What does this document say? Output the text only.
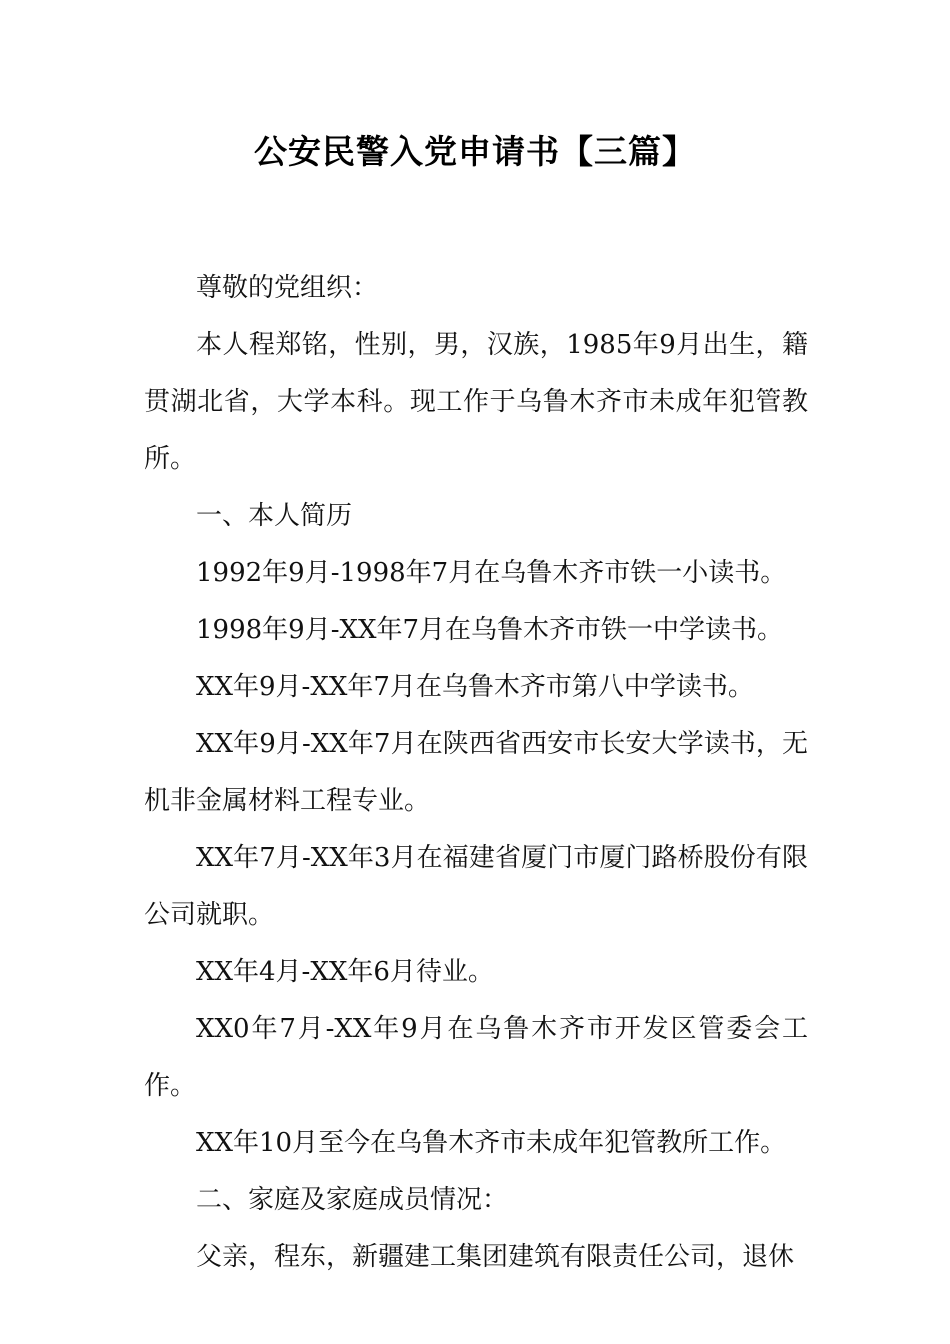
公安民警入党申请书【三篇】

尊敬的党组织：

本人程郑铭，性别，男，汉族，1985年9月出生，籍贯湖北省，大学本科。现工作于乌鲁木齐市未成年犯管教所。

一、本人简历

1992年9月-1998年7月在乌鲁木齐市铁一小读书。

1998年9月-XX年7月在乌鲁木齐市铁一中学读书。

XX年9月-XX年7月在乌鲁木齐市第八中学读书。

XX年9月-XX年7月在陕西省西安市长安大学读书，无机非金属材料工程专业。

XX年7月-XX年3月在福建省厦门市厦门路桥股份有限公司就职。

XX年4月-XX年6月待业。

XX0年7月-XX年9月在乌鲁木齐市开发区管委会工作。

XX年10月至今在乌鲁木齐市未成年犯管教所工作。

二、家庭及家庭成员情况：

父亲，程东，新疆建工集团建筑有限责任公司，退休
